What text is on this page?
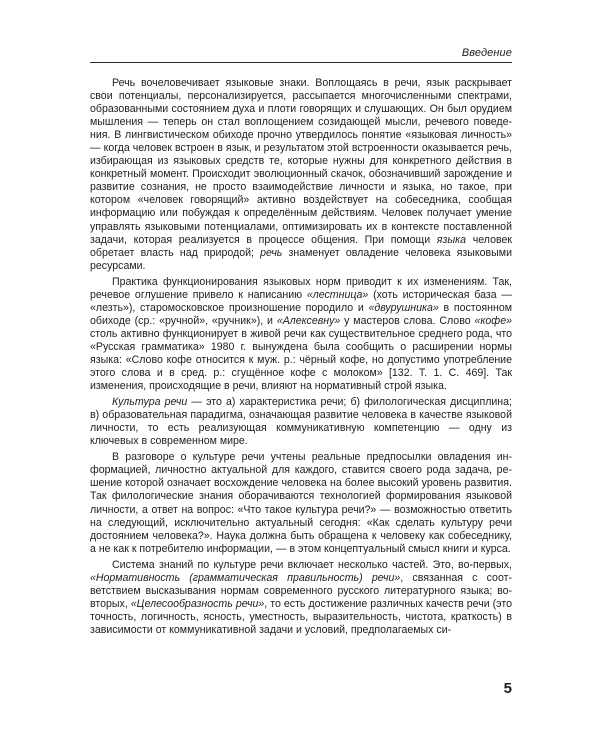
Введение

Речь вочеловечивает языковые знаки. Воплощаясь в речи, язык раскрывает свои потенциалы, персонализируется, рассыпается многочисленными спектрами, образованными состоянием духа и плоти говорящих и слушающих. Он был орудием мышления — теперь он стал воплощением созидающей мысли, речевого поведения. В лингвистическом обиходе прочно утвердилось понятие «языковая личность» — когда человек встроен в язык, и результатом этой встроенности оказывается речь, избирающая из языковых средств те, которые нужны для конкретного действия в конкретный момент. Происходит эволюционный скачок, обозначивший зарождение и развитие сознания, не просто взаимодействие личности и языка, но такое, при котором «человек говорящий» активно воздействует на собеседника, сообщая информацию или побуждая к определённым действиям. Человек получает умение управлять языковыми потенциалами, оптимизировать их в контексте поставленной задачи, которая реализуется в процессе общения. При помощи языка человек обретает власть над природой; речь знаменует овладение человека языковыми ресурсами.

Практика функционирования языковых норм приводит к их изменениям. Так, речевое оглушение привело к написанию «лестница» (хоть историческая база — «лезть»), старомосковское произношение породило и «двурушника» в постоянном обиходе (ср.: «ручной», «ручник»), и «Алексевну» у мастеров слова. Слово «кофе» столь активно функционирует в живой речи как существительное среднего рода, что «Русская грамматика» 1980 г. вынуждена была сообщить о расширении нормы языка: «Слово кофе относится к муж. р.: чёрный кофе, но допустимо употребление этого слова и в сред. р.: сгущённое кофе с молоком» [132. Т. 1. С. 469]. Так изменения, происходящие в речи, влияют на нормативный строй языка.

Культура речи — это а) характеристика речи; б) филологическая дисциплина; в) образовательная парадигма, означающая развитие человека в качестве языковой личности, то есть реализующая коммуникативную компетенцию — одну из ключевых в современном мире.

В разговоре о культуре речи учтены реальные предпосылки овладения информацией, личностно актуальной для каждого, ставится своего рода задача, решение которой означает восхождение человека на более высокий уровень развития. Так филологические знания оборачиваются технологией формирования языковой личности, а ответ на вопрос: «Что такое культура речи?» — возможностью ответить на следующий, исключительно актуальный сегодня: «Как сделать культуру речи достоянием человека?». Наука должна быть обращена к человеку как собеседнику, а не как к потребителю информации, — в этом концептуальный смысл книги и курса.

Система знаний по культуре речи включает несколько частей. Это, во-первых, «Нормативность (грамматическая правильность) речи», связанная с соответствием высказывания нормам современного русского литературного языка; во-вторых, «Целесообразность речи», то есть достижение различных качеств речи (это точность, логичность, ясность, уместность, выразительность, чистота, краткость) в зависимости от коммуникативной задачи и условий, предполагаемых си-

5
